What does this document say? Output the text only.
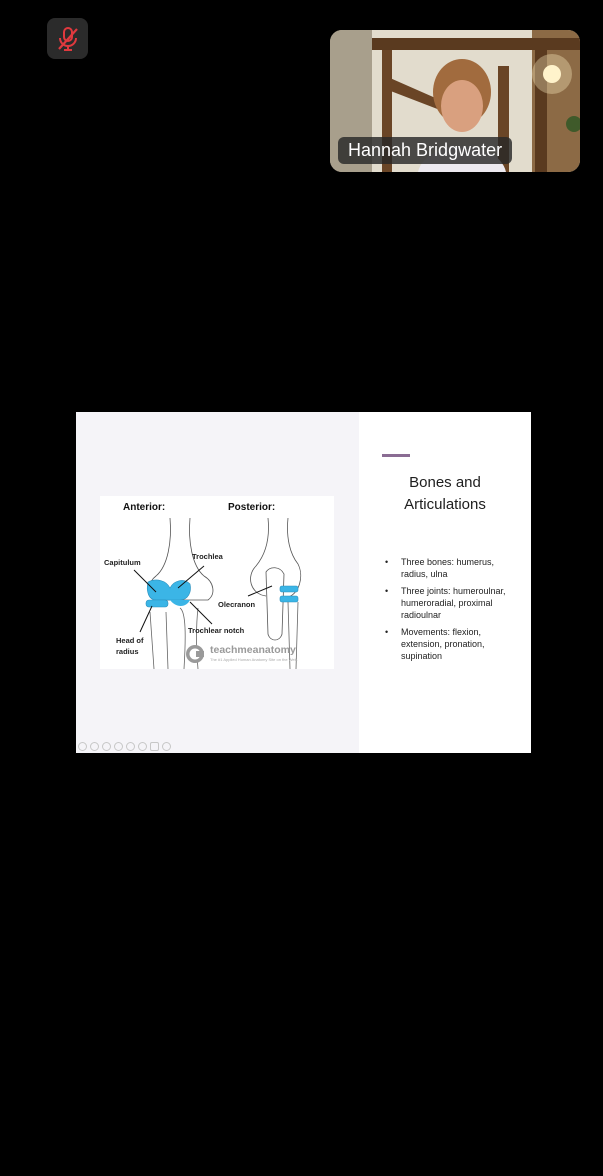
Hannah Bridgwater
Anterior:	Posterior:
Capitulum
Trochlea
Olecranon
Head of
radius
Trochlear notch
teachmeanatomy
The #1 Applied Human Anatomy Site on the Web.
Bones and Articulations
• Three bones: humerus, radius, ulna
• Three joints: humeroulnar, humeroradial, proximal radioulnar
• Movements: flexion, extension, pronation, supination
